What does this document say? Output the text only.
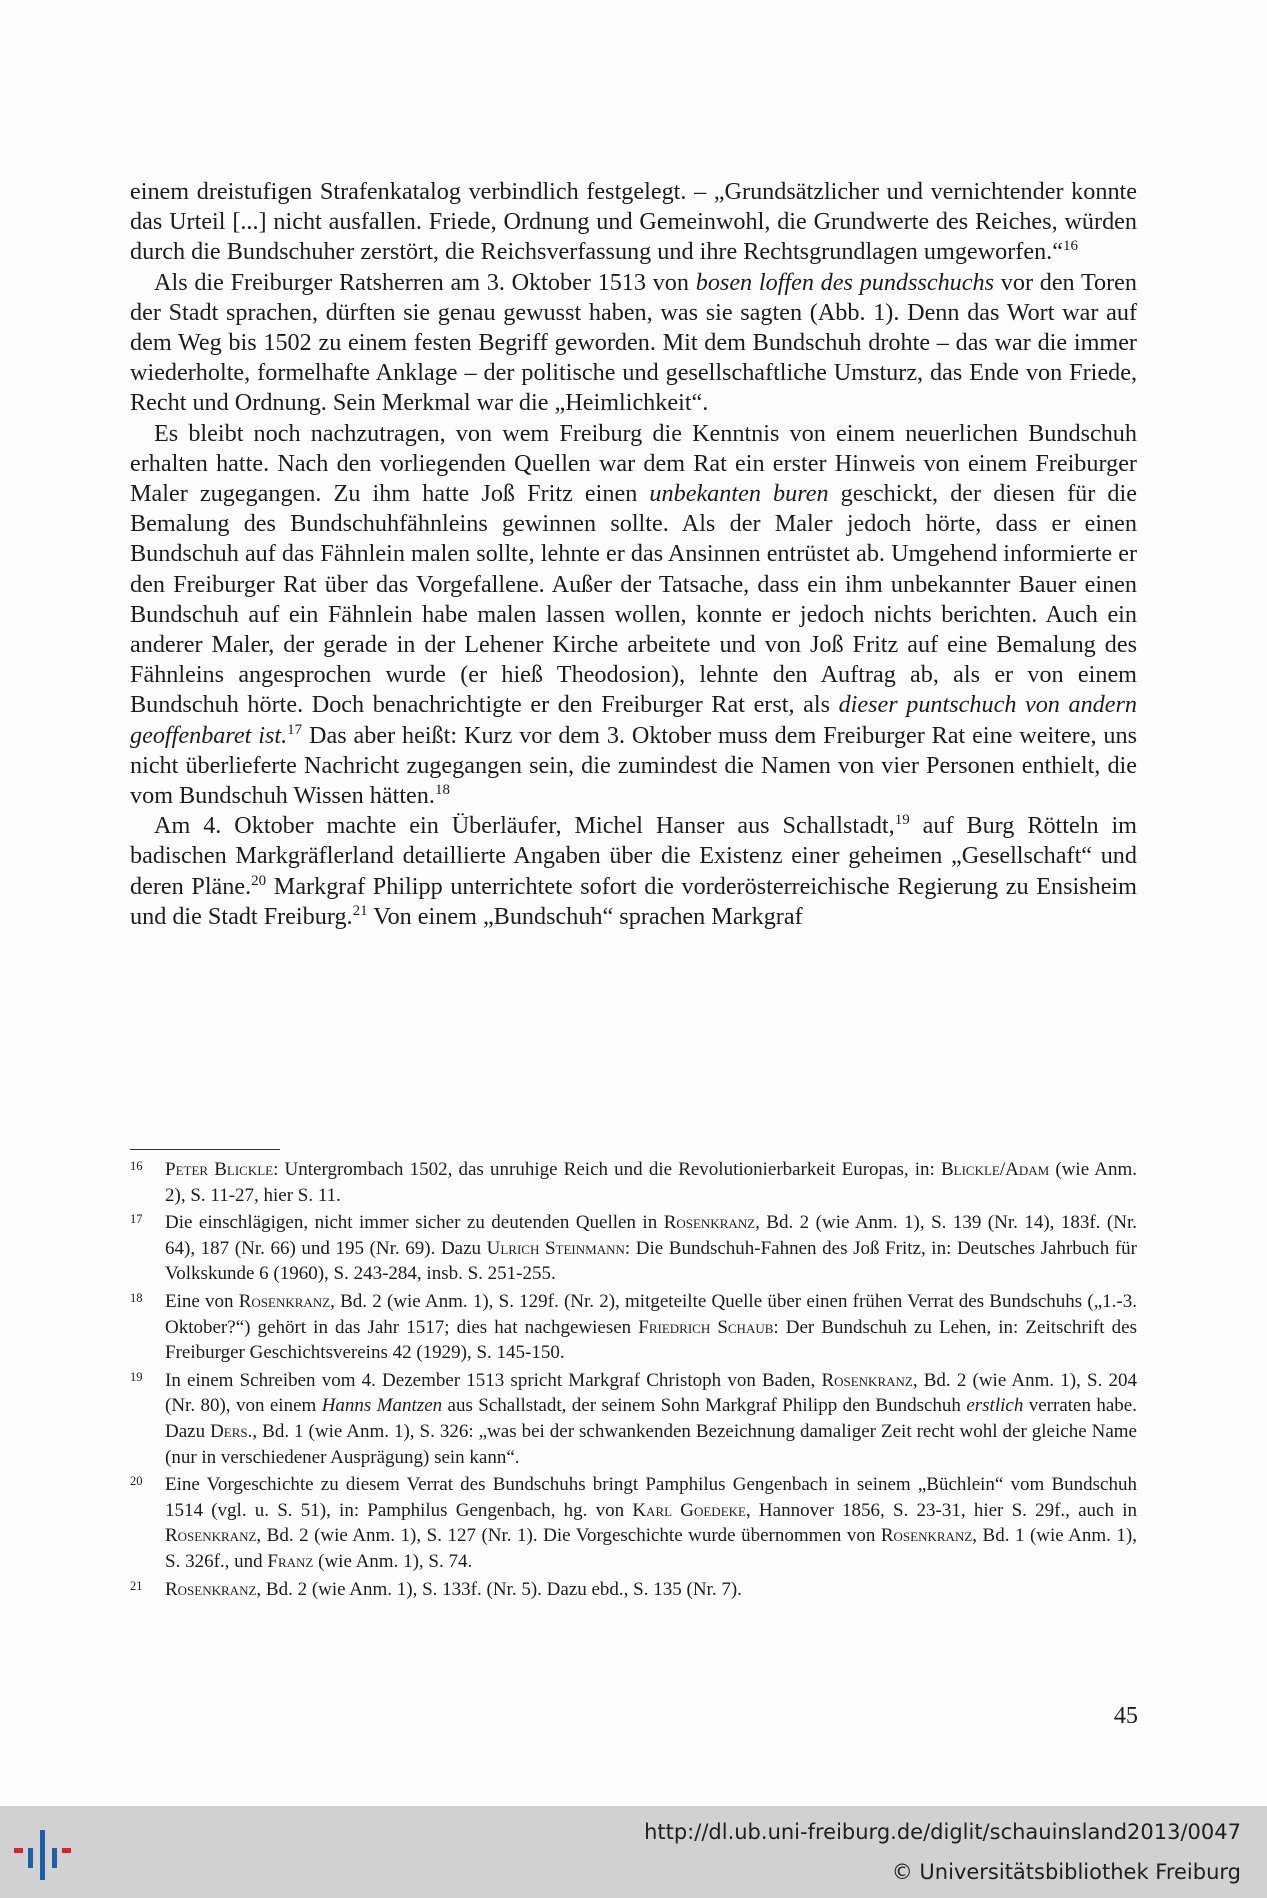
einem dreistufigen Strafenkatalog verbindlich festgelegt. – „Grundsätzlicher und vernichtender konnte das Urteil [...] nicht ausfallen. Friede, Ordnung und Gemeinwohl, die Grundwerte des Reiches, würden durch die Bundschuher zerstört, die Reichsverfassung und ihre Rechtsgrundlagen umgeworfen.“$^{16}$

Als die Freiburger Ratsherren am 3. Oktober 1513 von bosen loffen des pundsschuchs vor den Toren der Stadt sprachen, dürften sie genau gewusst haben, was sie sagten (Abb. 1). Denn das Wort war auf dem Weg bis 1502 zu einem festen Begriff geworden. Mit dem Bundschuh drohte – das war die immer wiederholte, formelhafte Anklage – der politische und gesellschaftliche Umsturz, das Ende von Friede, Recht und Ordnung. Sein Merkmal war die „Heimlichkeit“.

Es bleibt noch nachzutragen, von wem Freiburg die Kenntnis von einem neuerlichen Bundschuh erhalten hatte. Nach den vorliegenden Quellen war dem Rat ein erster Hinweis von einem Freiburger Maler zugegangen. Zu ihm hatte Joß Fritz einen unbekanten buren geschickt, der diesen für die Bemalung des Bundschuhfähnleins gewinnen sollte. Als der Maler jedoch hörte, dass er einen Bundschuh auf das Fähnlein malen sollte, lehnte er das Ansinnen entrüstet ab. Umgehend informierte er den Freiburger Rat über das Vorgefallene. Außer der Tatsache, dass ein ihm unbekannter Bauer einen Bundschuh auf ein Fähnlein habe malen lassen wollen, konnte er jedoch nichts berichten. Auch ein anderer Maler, der gerade in der Lehener Kirche arbeitete und von Joß Fritz auf eine Bemalung des Fähnleins angesprochen wurde (er hieß Theodosion), lehnte den Auftrag ab, als er von einem Bundschuh hörte. Doch benachrichtigte er den Freiburger Rat erst, als dieser puntschuch von andern geoffenbaret ist.$^{17}$ Das aber heißt: Kurz vor dem 3. Oktober muss dem Freiburger Rat eine weitere, uns nicht überlieferte Nachricht zugegangen sein, die zumindest die Namen von vier Personen enthielt, die vom Bundschuh Wissen hätten.$^{18}$

Am 4. Oktober machte ein Überläufer, Michel Hanser aus Schallstadt,$^{19}$ auf Burg Rötteln im badischen Markgräflerland detaillierte Angaben über die Existenz einer geheimen „Gesellschaft“ und deren Pläne.$^{20}$ Markgraf Philipp unterrichtete sofort die vorderösterreichische Regierung zu Ensisheim und die Stadt Freiburg.$^{21}$ Von einem „Bundschuh“ sprachen Markgraf

16 Peter Blickle: Untergrombach 1502, das unruhige Reich und die Revolutionierbarkeit Europas, in: Blickle/Adam (wie Anm. 2), S. 11-27, hier S. 11.
17 Die einschlägigen, nicht immer sicher zu deutenden Quellen in Rosenkranz, Bd. 2 (wie Anm. 1), S. 139 (Nr. 14), 183f. (Nr. 64), 187 (Nr. 66) und 195 (Nr. 69). Dazu Ulrich Steinmann: Die Bundschuh-Fahnen des Joß Fritz, in: Deutsches Jahrbuch für Volkskunde 6 (1960), S. 243-284, insb. S. 251-255.
18 Eine von Rosenkranz, Bd. 2 (wie Anm. 1), S. 129f. (Nr. 2), mitgeteilte Quelle über einen frühen Verrat des Bundschuhs („1.-3. Oktober?“) gehört in das Jahr 1517; dies hat nachgewiesen Friedrich Schaub: Der Bundschuh zu Lehen, in: Zeitschrift des Freiburger Geschichtsvereins 42 (1929), S. 145-150.
19 In einem Schreiben vom 4. Dezember 1513 spricht Markgraf Christoph von Baden, Rosenkranz, Bd. 2 (wie Anm. 1), S. 204 (Nr. 80), von einem Hanns Mantzen aus Schallstadt, der seinem Sohn Markgraf Philipp den Bundschuh erstlich verraten habe. Dazu Ders., Bd. 1 (wie Anm. 1), S. 326: „was bei der schwankenden Bezeichnung damaliger Zeit recht wohl der gleiche Name (nur in verschiedener Ausprägung) sein kann“.
20 Eine Vorgeschichte zu diesem Verrat des Bundschuhs bringt Pamphilus Gengenbach in seinem „Büchlein“ vom Bundschuh 1514 (vgl. u. S. 51), in: Pamphilus Gengenbach, hg. von Karl Goedeke, Hannover 1856, S. 23-31, hier S. 29f., auch in Rosenkranz, Bd. 2 (wie Anm. 1), S. 127 (Nr. 1). Die Vorgeschichte wurde übernommen von Rosenkranz, Bd. 1 (wie Anm. 1), S. 326f., und Franz (wie Anm. 1), S. 74.
21 Rosenkranz, Bd. 2 (wie Anm. 1), S. 133f. (Nr. 5). Dazu ebd., S. 135 (Nr. 7).
45
http://dl.ub.uni-freiburg.de/diglit/schauinsland2013/0047
© Universitätsbibliothek Freiburg
